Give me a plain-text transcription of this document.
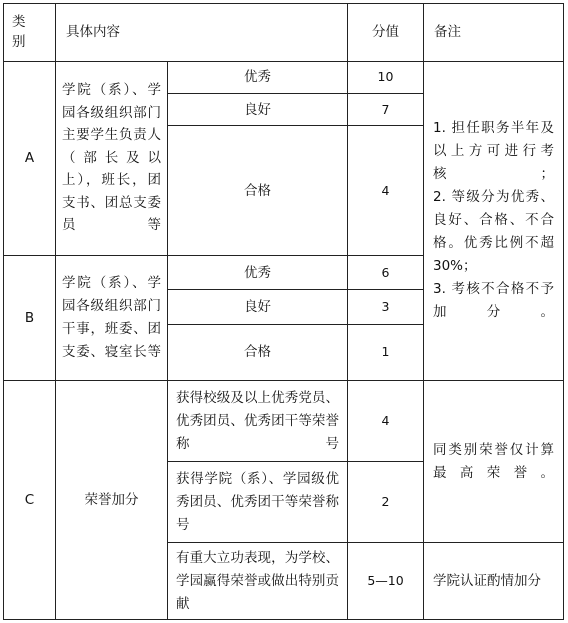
类
别	具体内容		分值	备注
A	学院（系）、学园各级组织部门主要学生负责人（部长及以上），班长，团支书、团总支委员等	优秀	10	1. 担任职务半年及以上方可进行考核；
2. 等级分为优秀、良好、合格、不合格。优秀比例不超30%；
3. 考核不合格不予加分。
		良好	7	
		合格	4	
B	学院（系）、学园各级组织部门干事，班委、团支委、寝室长等	优秀	6	
		良好	3	
		合格	1	
C	荣誉加分	获得校级及以上优秀党员、优秀团员、优秀团干等荣誉称号	4	同类别荣誉仅计算最高荣誉。
		获得学院（系）、学园级优秀团员、优秀团干等荣誉称号	2	
		有重大立功表现，为学校、学园赢得荣誉或做出特别贡献	5—10	学院认证酌情加分
